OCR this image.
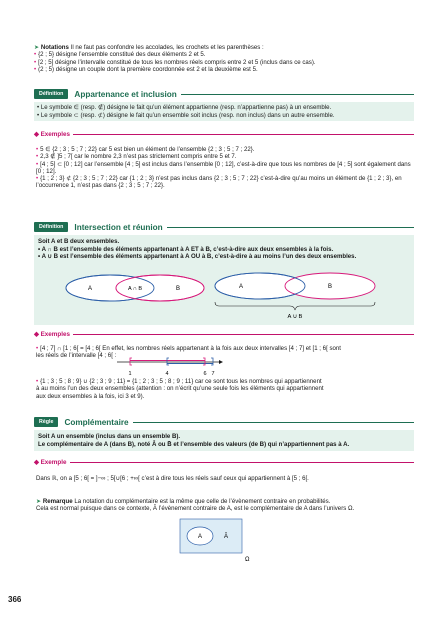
➤ Notations Il ne faut pas confondre les accolades, les crochets et les parenthèses :
• {2 ; 5} désigne l’ensemble constitué des deux éléments 2 et 5.
• [2 ; 5] désigne l’intervalle constitué de tous les nombres réels compris entre 2 et 5 (inclus dans ce cas).
• (2 ; 5) désigne un couple dont la première coordonnée est 2 et la deuxième est 5.
Définition	Appartenance et inclusion
• Le symbole ∈ (resp. ∉) désigne le fait qu’un élément appartienne (resp. n’appartienne pas) à un ensemble.
• Le symbole ⊂ (resp. ⊄) désigne le fait qu’un ensemble soit inclus (resp. non inclus) dans un autre ensemble.
◆ Exemples
• 5 ∈ {2 ; 3 ; 5 ; 7 ; 22} car 5 est bien un élément de l’ensemble {2 ; 3 ; 5 ; 7 ; 22}.
• 2,3 ∉ ]5 ; 7[ car le nombre 2,3 n’est pas strictement compris entre 5 et 7.
• [4 ; 5] ⊂ [0 ; 12] car l’ensemble [4 ; 5] est inclus dans l’ensemble [0 ; 12], c’est-à-dire que tous les nombres de [4 ; 5] sont également dans [0 ; 12].
• {1 ; 2 ; 3} ⊄ {2 ; 3 ; 5 ; 7 ; 22} car {1 ; 2 ; 3} n’est pas inclus dans {2 ; 3 ; 5 ; 7 ; 22} c’est-à-dire qu’au moins un élément de {1 ; 2 ; 3}, en l’occurrence 1, n’est pas dans {2 ; 3 ; 5 ; 7 ; 22}.
Définition	Intersection et réunion
Soit A et B deux ensembles.
• A ∩ B est l’ensemble des éléments appartenant à A ET à B, c’est-à-dire aux deux ensembles à la fois.
• A ∪ B est l’ensemble des éléments appartenant à A OU à B, c’est-à-dire à au moins l’un des deux ensembles.
A	A ∩ B	B	A	B
A ∪ B
◆ Exemples
• [4 ; 7] ∩ [1 ; 6[ = [4 ; 6[ En effet, les nombres réels appartenant à la fois aux deux intervalles [4 ; 7] et [1 ; 6[ sont
les réels de l’intervalle [4 ; 6[ :
1	4	6 7
• {1 ; 3 ; 5 ; 8 ; 9} ∪ {2 ; 3 ; 9 ; 11} = {1 ; 2 ; 3 ; 5 ; 8 ; 9 ; 11} car ce sont tous les nombres qui appartiennent
à au moins l’un des deux ensembles (attention : on n’écrit qu’une seule fois les éléments qui appartiennent
aux deux ensembles à la fois, ici 3 et 9).
Règle	Complémentaire
Soit A un ensemble (inclus dans un ensemble B).
Le complémentaire de A (dans B), noté Ā ou B̄ et l’ensemble des valeurs (de B) qui n’appartiennent pas à A.
◆ Exemple
Dans ℝ, on a [5 ; 6[ = ]−∞ ; 5[∪[6 ; +∞[ c’est à dire tous les réels sauf ceux qui appartiennent à [5 ; 6[.
➤ Remarque La notation du complémentaire est la même que celle de l’évènement contraire en probabilités.
Cela est normal puisque dans ce contexte, Ā l’évènement contraire de A, est le complémentaire de A dans l’univers Ω.
A	Ā
Ω
366
